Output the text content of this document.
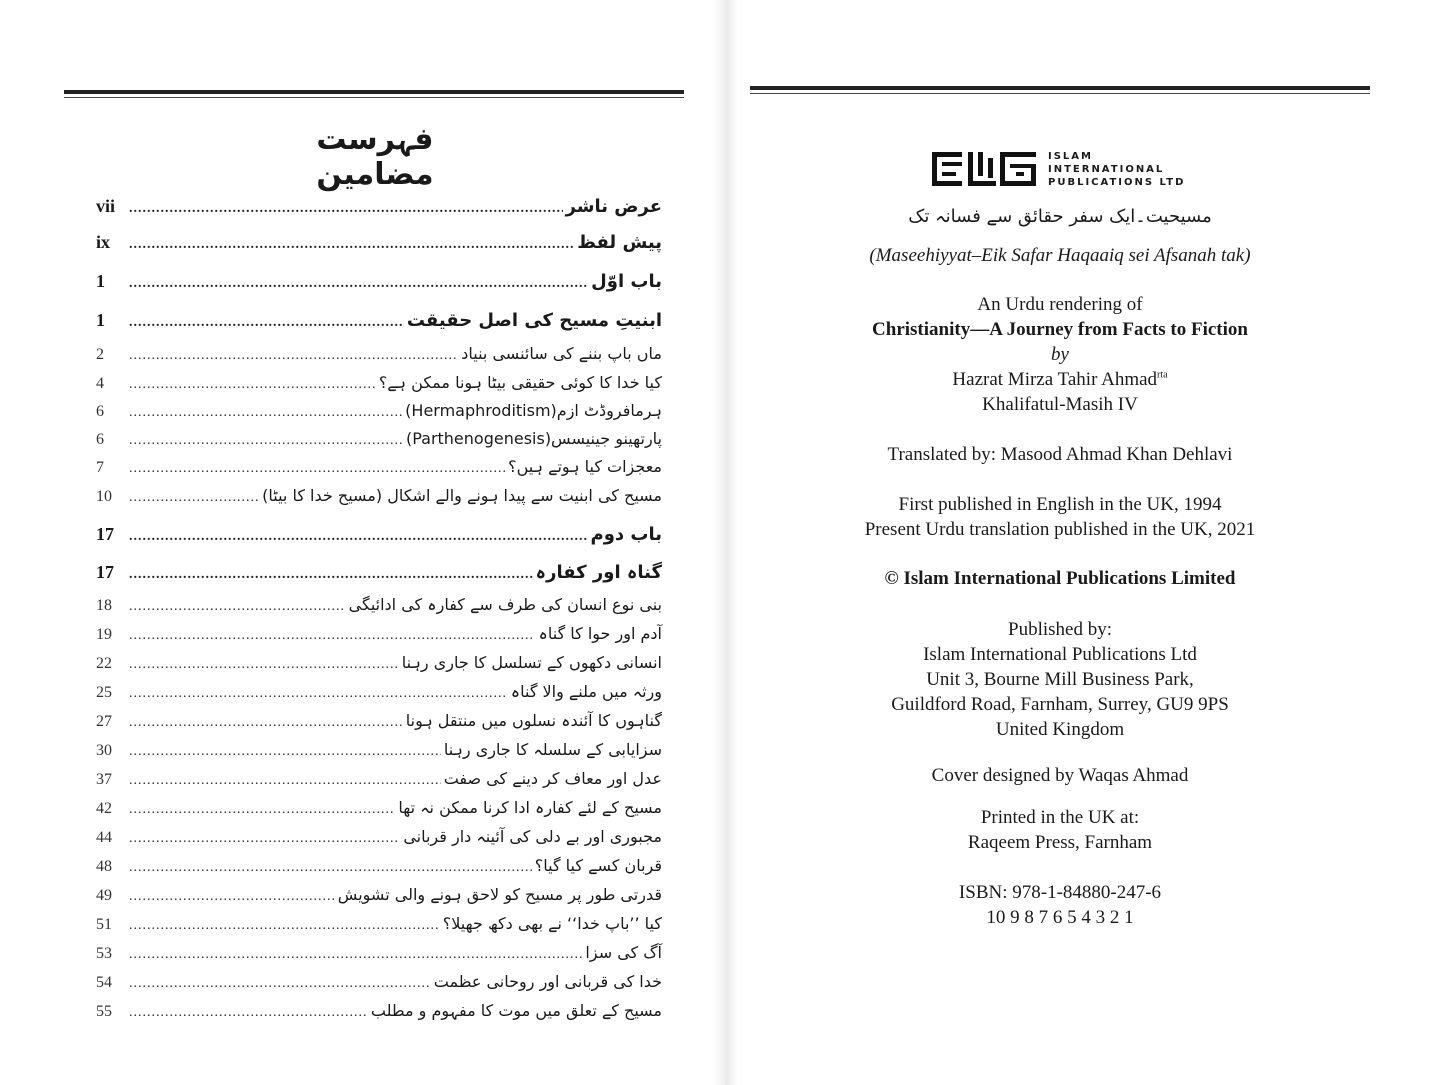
فہرست مضامین
عرض ناشر
.....
vii
پیش لفظ
.....
ix
باب اوّل
.....
1
ابنیتِ مسیح کی اصل حقیقت
.....
1
ماں باپ بننے کی سائنسی بنیاد
.....
2
کیا خدا کا کوئی حقیقی بیٹا ہونا ممکن ہے؟
.....
4
ہرمافروڈٹ ازم(Hermaphroditism)
.....
6
پارتھینو جینیسس(Parthenogenesis)
.....
6
معجزات کیا ہوتے ہیں؟
.....
7
مسیح کی ابنیت سے پیدا ہونے والے اشکال (مسیح خدا کا بیٹا)
.....
10
باب دوم
.....
17
گناہ اور کفارہ
.....
17
بنی نوع انسان کی طرف سے کفارہ کی ادائیگی
.....
18
آدم اور حوا کا گناہ
.....
19
انسانی دکھوں کے تسلسل کا جاری رہنا
.....
22
ورثہ میں ملنے والا گناہ
.....
25
گناہوں کا آئندہ نسلوں میں منتقل ہونا
.....
27
سزایابی کے سلسلہ کا جاری رہنا
.....
30
عدل اور معاف کر دینے کی صفت
.....
37
مسیح کے لئے کفارہ ادا کرنا ممکن نہ تھا
.....
42
مجبوری اور بے دلی کی آئینہ دار قربانی
.....
44
قربان کسے کیا گیا؟
.....
48
قدرتی طور پر مسیح کو لاحق ہونے والی تشویش
.....
49
کیا ’’باپ خدا‘‘ نے بھی دکھ جھیلا؟
.....
51
آگ کی سزا
.....
53
خدا کی قربانی اور روحانی عظمت
.....
54
مسیح کے تعلق میں موت کا مفہوم و مطلب
.....
55
ISLAM
INTERNATIONAL
PUBLICATIONS LTD
مسیحیت۔ایک سفر حقائق سے فسانہ تک
(Maseehiyyat–Eik Safar Haqaaiq sei Afsanah tak)
An Urdu rendering of
Christianity—A Journey from Facts to Fiction
by
Hazrat Mirza Tahir Ahmad$^{rta}$
Khalifatul-Masih IV
Translated by: Masood Ahmad Khan Dehlavi
First published in English in the UK, 1994
Present Urdu translation published in the UK, 2021
© Islam International Publications Limited
Published by:
Islam International Publications Ltd
Unit 3, Bourne Mill Business Park,
Guildford Road, Farnham, Surrey, GU9 9PS
United Kingdom
Cover designed by Waqas Ahmad
Printed in the UK at:
Raqeem Press, Farnham
ISBN: 978-1-84880-247-6
10 9 8 7 6 5 4 3 2 1
